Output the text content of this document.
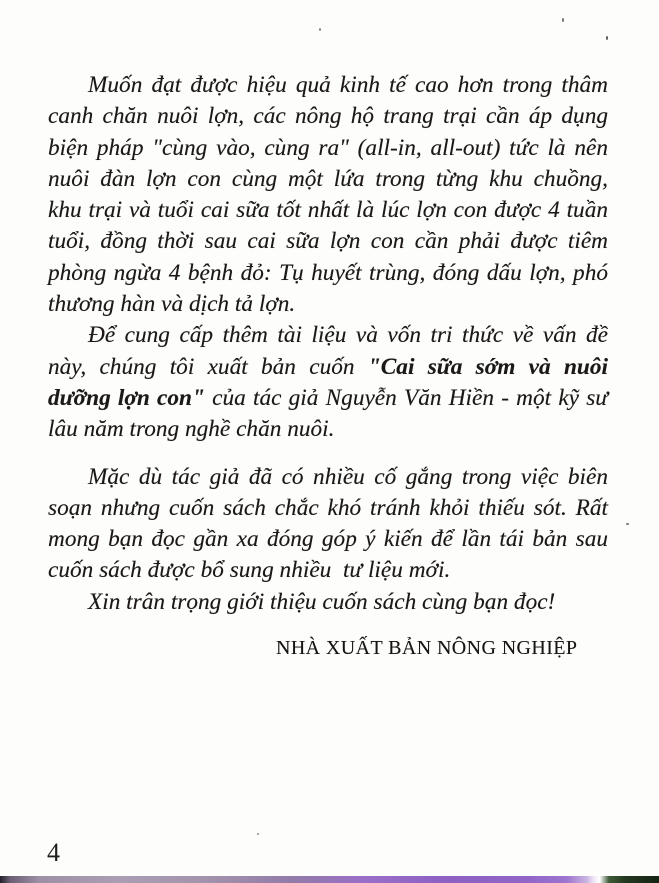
Muốn đạt được hiệu quả kinh tế cao hơn trong thâm
canh chăn nuôi lợn, các nông hộ trang trại cần áp dụng
biện pháp "cùng vào, cùng ra" (all-in, all-out) tức là nên
nuôi đàn lợn con cùng một lứa trong từng khu chuồng,
khu trại và tuổi cai sữa tốt nhất là lúc lợn con được 4 tuần
tuổi, đồng thời sau cai sữa lợn con cần phải được tiêm
phòng ngừa 4 bệnh đỏ: Tụ huyết trùng, đóng dấu lợn, phó
thương hàn và dịch tả lợn.
Để cung cấp thêm tài liệu và vốn tri thức về vấn đề
này, chúng tôi xuất bản cuốn "Cai sữa sớm và nuôi
dưỡng lợn con" của tác giả Nguyễn Văn Hiền - một kỹ sư
lâu năm trong nghề chăn nuôi.
Mặc dù tác giả đã có nhiều cố gắng trong việc biên
soạn nhưng cuốn sách chắc khó tránh khỏi thiếu sót. Rất
mong bạn đọc gần xa đóng góp ý kiến để lần tái bản sau
cuốn sách được bổ sung nhiều  tư liệu mới.
Xin trân trọng giới thiệu cuốn sách cùng bạn đọc!
NHÀ XUẤT BẢN NÔNG NGHIỆP
4
